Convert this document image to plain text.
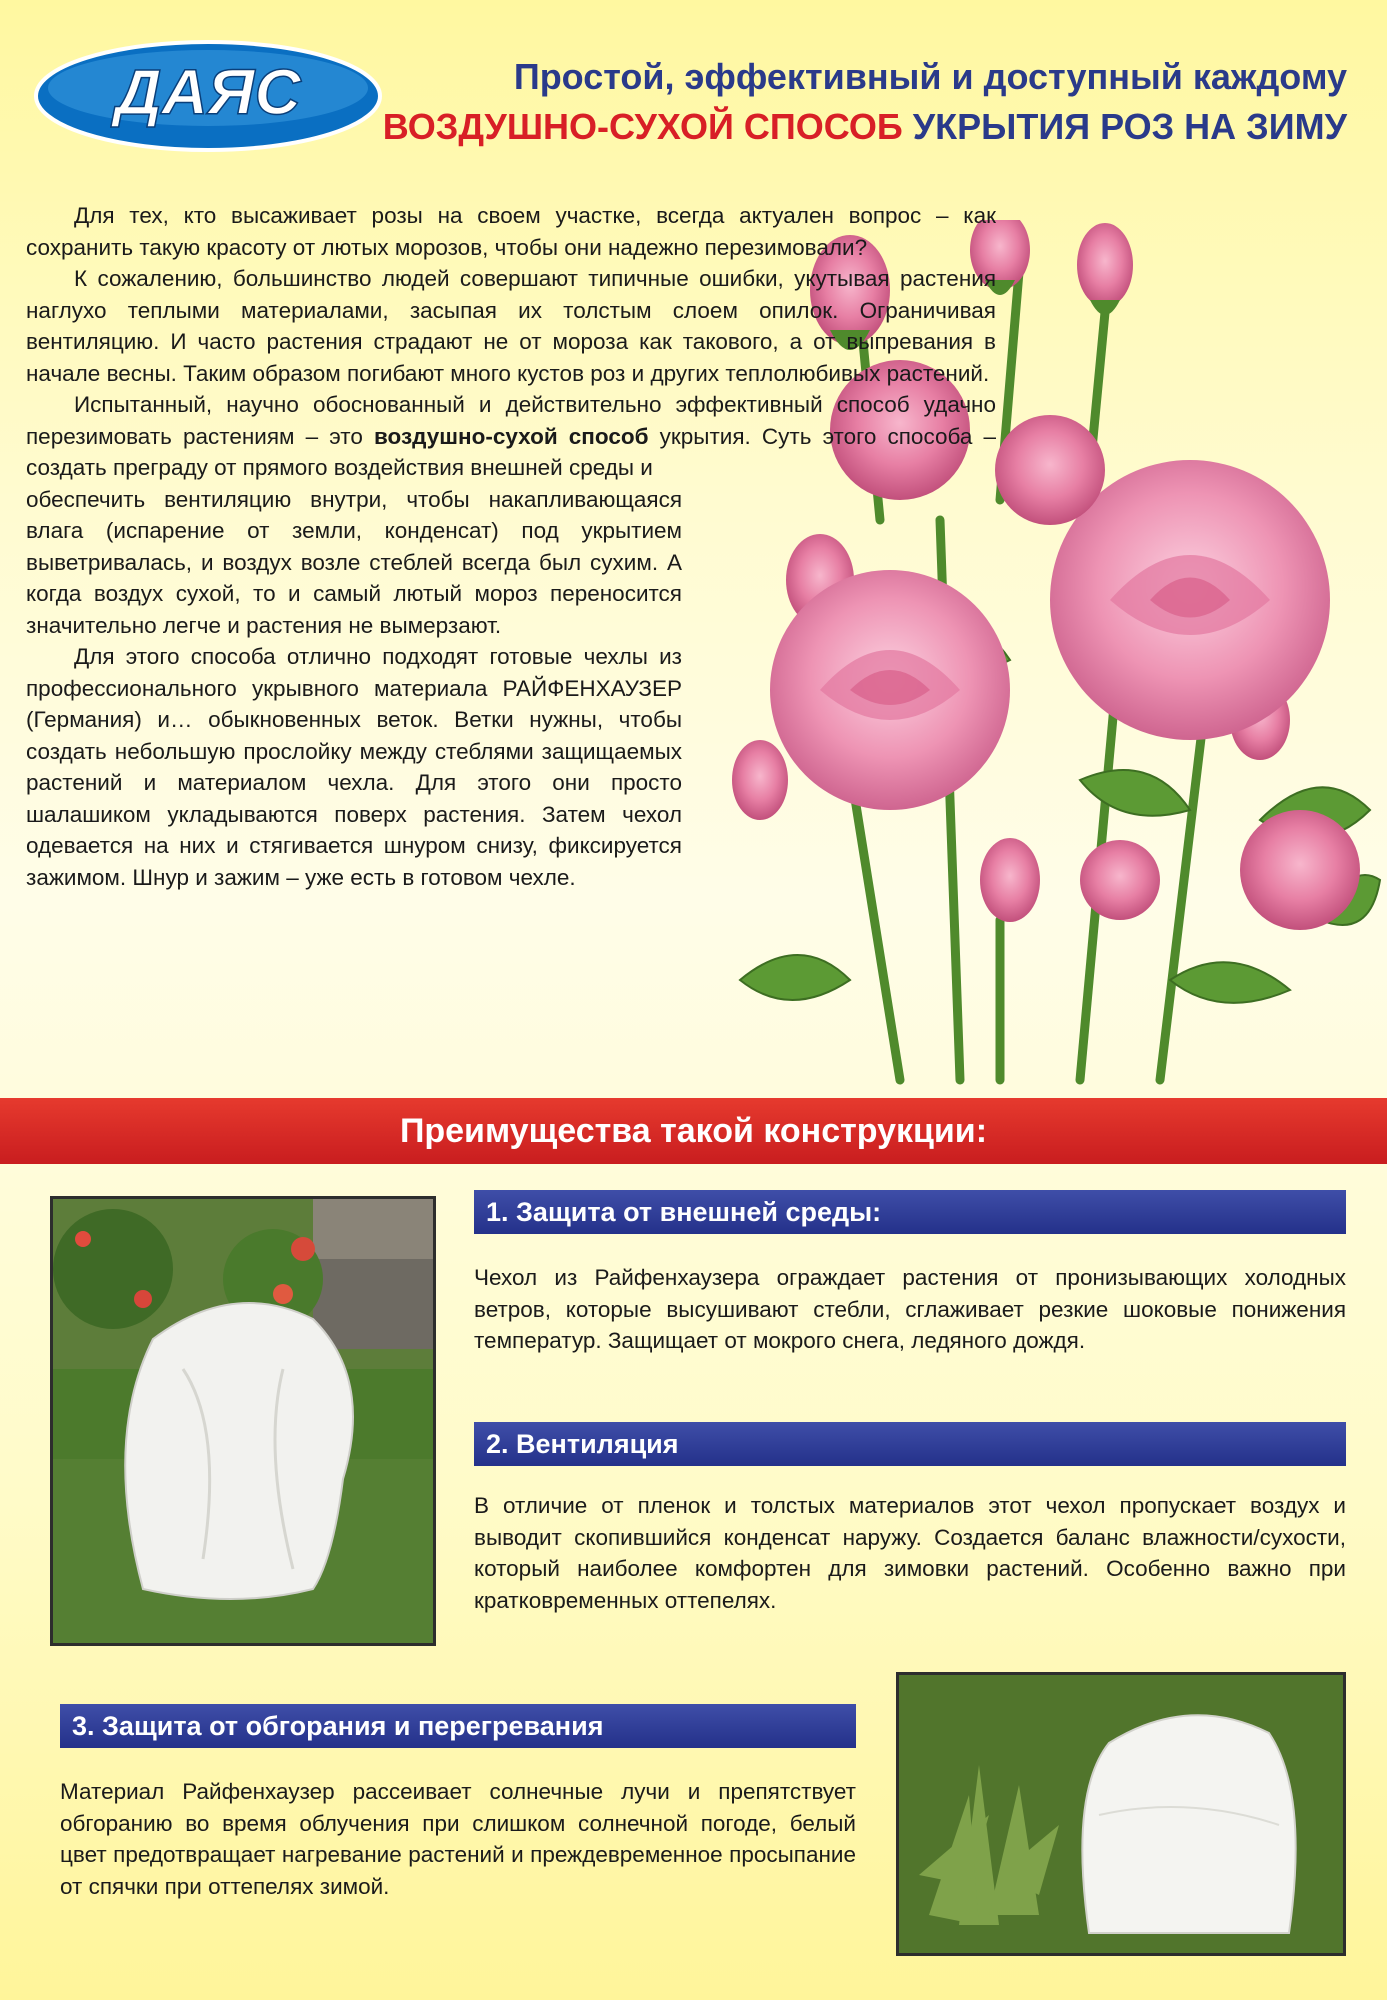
ДАЯС	Простой, эффективный и доступный каждому
ВОЗДУШНО-СУХОЙ СПОСОБ УКРЫТИЯ РОЗ НА ЗИМУ

Для тех, кто высаживает розы на своем участке, всегда актуален вопрос – как сохранить такую красоту от лютых морозов, чтобы они надежно перезимовали?

К сожалению, большинство людей совершают типичные ошибки, укутывая растения наглухо теплыми материалами, засыпая их толстым слоем опилок. Ограничивая вентиляцию. И часто растения страдают не от мороза как такового, а от выпревания в начале весны. Таким образом погибают много кустов роз и других теплолюбивых растений.

Испытанный, научно обоснованный и действительно эффективный способ удачно перезимовать растениям – это воздушно-сухой способ укрытия. Суть этого способа – создать преграду от прямого воздействия внешней среды и

обеспечить вентиляцию внутри, чтобы накапливающаяся влага (испарение от земли, конденсат) под укрытием выветривалась, и воздух возле стеблей всегда был сухим. А когда воздух сухой, то и самый лютый мороз переносится значительно легче и растения не вымерзают.

Для этого способа отлично подходят готовые чехлы из профессионального укрывного материала РАЙФЕНХАУЗЕР (Германия) и… обыкновенных веток. Ветки нужны, чтобы создать небольшую прослойку между стеблями защищаемых растений и материалом чехла. Для этого они просто шалашиком укладываются поверх растения. Затем чехол одевается на них и стягивается шнуром снизу, фиксируется зажимом. Шнур и зажим – уже есть в готовом чехле.

Преимущества такой конструкции:
1. Защита от внешней среды:
Чехол из Райфенхаузера ограждает растения от пронизывающих холодных ветров, которые высушивают стебли, сглаживает резкие шоковые понижения температур. Защищает от мокрого снега, ледяного дождя.
2. Вентиляция
В отличие от пленок и толстых материалов этот чехол пропускает воздух и выводит скопившийся конденсат наружу. Создается баланс влажности/сухости, который наиболее комфортен для зимовки растений. Особенно важно при кратковременных оттепелях.
3. Защита от обгорания и перегревания
Материал Райфенхаузер рассеивает солнечные лучи и препятствует обгоранию во время облучения при слишком солнечной погоде, белый цвет предотвращает нагревание растений и преждевременное просыпание от спячки при оттепелях зимой.
